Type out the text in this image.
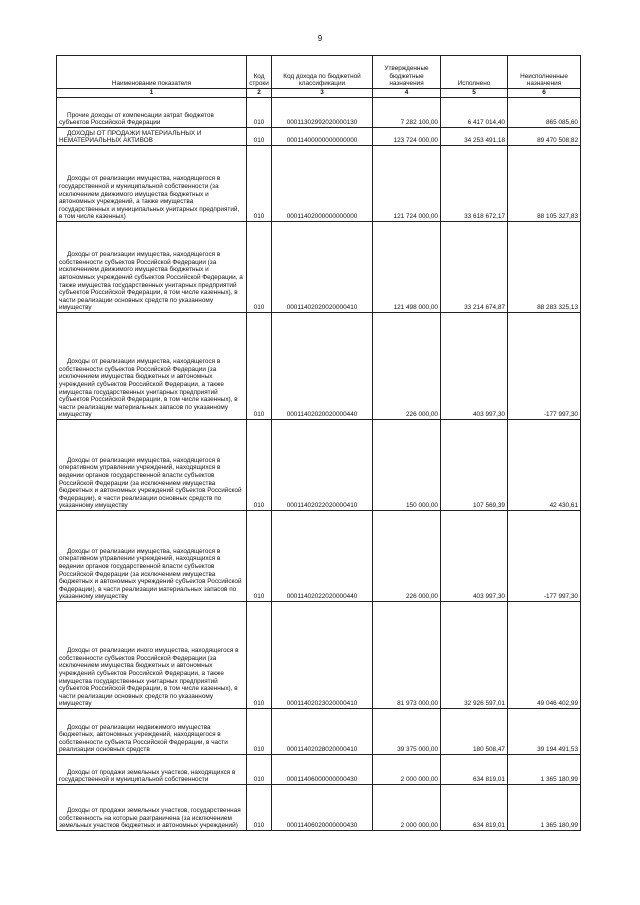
9
Наименование показателя	Код строки	Код дохода по бюджетной классификации	Утвержденные бюджетные назначения	Исполнено	Неисполненные назначения
1	2	3	4	5	6
Прочие доходы от компенсации затрат бюджетов субъектов Российской Федерации	010	00011302992020000130	7 282 100,00	6 417 014,40	865 085,60
ДОХОДЫ ОТ ПРОДАЖИ МАТЕРИАЛЬНЫХ И НЕМАТЕРИАЛЬНЫХ АКТИВОВ	010	00011400000000000000	123 724 000,00	34 253 491,18	89 470 508,82
Доходы от реализации имущества, находящегося в государственной и муниципальной собственности (за исключением движимого имущества бюджетных и автономных учреждений, а также имущества государственных и муниципальных унитарных предприятий, в том числе казенных)	010	00011402000000000000	121 724 000,00	33 618 672,17	88 105 327,83
Доходы от реализации имущества, находящегося в собственности субъектов Российской Федерации (за исключением движимого имущества бюджетных и автономных учреждений субъектов Российской Федерации, а также имущества государственных унитарных предприятий субъектов Российской Федерации, в том числе казенных), в части реализации основных средств по указанному имуществу	010	00011402020020000410	121 498 000,00	33 214 674,87	88 283 325,13
Доходы от реализации имущества, находящегося в собственности субъектов Российской Федерации (за исключением имущества бюджетных и автономных учреждений субъектов Российской Федерации, а также имущества государственных унитарных предприятий субъектов Российской Федерации, в том числе казенных), в части реализации материальных запасов по указанному имуществу	010	00011402020020000440	226 000,00	403 997,30	-177 997,30
Доходы от реализации имущества, находящегося в оперативном управлении учреждений, находящихся в ведении органов государственной власти субъектов Российской Федерации (за исключением имущества бюджетных и автономных учреждений субъектов Российской Федерации), в части реализации основных средств по указанному имуществу	010	00011402022020000410	150 000,00	107 569,39	42 430,61
Доходы от реализации имущества, находящегося в оперативном управлении учреждений, находящихся в ведении органов государственной власти субъектов Российской Федерации (за исключением имущества бюджетных и автономных учреждений субъектов Российской Федерации), в части реализации материальных запасов по указанному имуществу	010	00011402022020000440	226 000,00	403 997,30	-177 997,30
Доходы от реализации иного имущества, находящегося в собственности субъектов Российской Федерации (за исключением имущества бюджетных и автономных учреждений субъектов Российской Федерации, а также имущества государственных унитарных предприятий субъектов Российской Федерации, в том числе казенных), в части реализации основных средств по указанному имуществу	010	00011402023020000410	81 973 000,00	32 926 597,01	49 046 402,99
Доходы от реализации недвижимого имущества бюджетных, автономных учреждений, находящегося в собственности субъекта Российской Федерации, в части реализации основных средств	010	00011402028020000410	39 375 000,00	180 508,47	39 194 491,53
Доходы от продажи земельных участков, находящихся в государственной и муниципальной собственности	010	00011406000000000430	2 000 000,00	634 819,01	1 365 180,99
Доходы от продажи земельных участков, государственная собственность на которые разграничена (за исключением земельных участков бюджетных и автономных учреждений)	010	00011406020000000430	2 000 000,00	634 819,01	1 365 180,99
